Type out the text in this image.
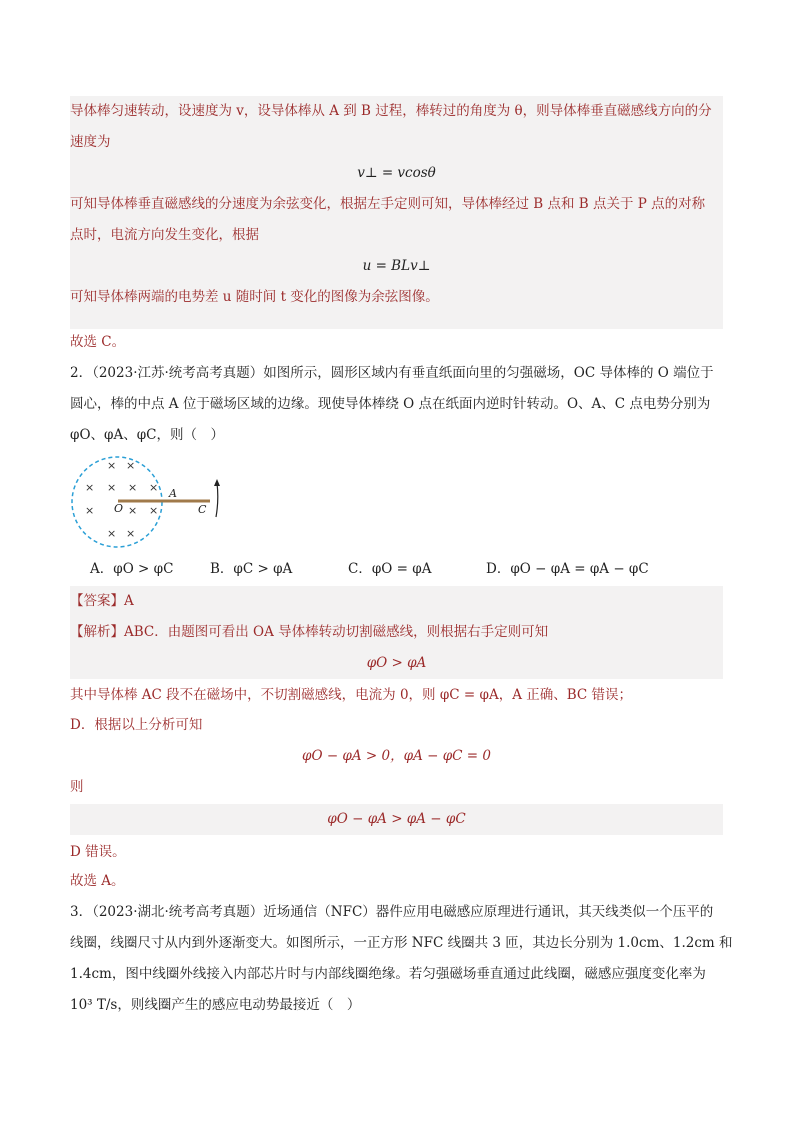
导体棒匀速转动，设速度为 v，设导体棒从 A 到 B 过程，棒转过的角度为 θ，则导体棒垂直磁感线方向的分
速度为
v⊥ = vcosθ
可知导体棒垂直磁感线的分速度为余弦变化，根据左手定则可知，导体棒经过 B 点和 B 点关于 P 点的对称
点时，电流方向发生变化，根据
u = BLv⊥
可知导体棒两端的电势差 u 随时间 t 变化的图像为余弦图像。
故选 C。
2．（2023·江苏·统考高考真题）如图所示，圆形区域内有垂直纸面向里的匀强磁场，OC 导体棒的 O 端位于
圆心，棒的中点 A 位于磁场区域的边缘。现使导体棒绕 O 点在纸面内逆时针转动。O、A、C 点电势分别为
φO、φA、φC，则（　）
× ×
× × × ×
×	× ×
× ×
O
A
C
A．φO > φC	B．φC > φA	C．φO = φA	D．φO − φA = φA − φC
【答案】A
【解析】ABC．由题图可看出 OA 导体棒转动切割磁感线，则根据右手定则可知
φO > φA
其中导体棒 AC 段不在磁场中，不切割磁感线，电流为 0，则 φC = φA，A 正确、BC 错误；
D．根据以上分析可知
φO − φA > 0，φA − φC = 0
则
φO − φA > φA − φC
D 错误。
故选 A。
3．（2023·湖北·统考高考真题）近场通信（NFC）器件应用电磁感应原理进行通讯，其天线类似一个压平的
线圈，线圈尺寸从内到外逐渐变大。如图所示，一正方形 NFC 线圈共 3 匝，其边长分别为 1.0cm、1.2cm 和
1.4cm，图中线圈外线接入内部芯片时与内部线圈绝缘。若匀强磁场垂直通过此线圈，磁感应强度变化率为
10³ T/s，则线圈产生的感应电动势最接近（　）
